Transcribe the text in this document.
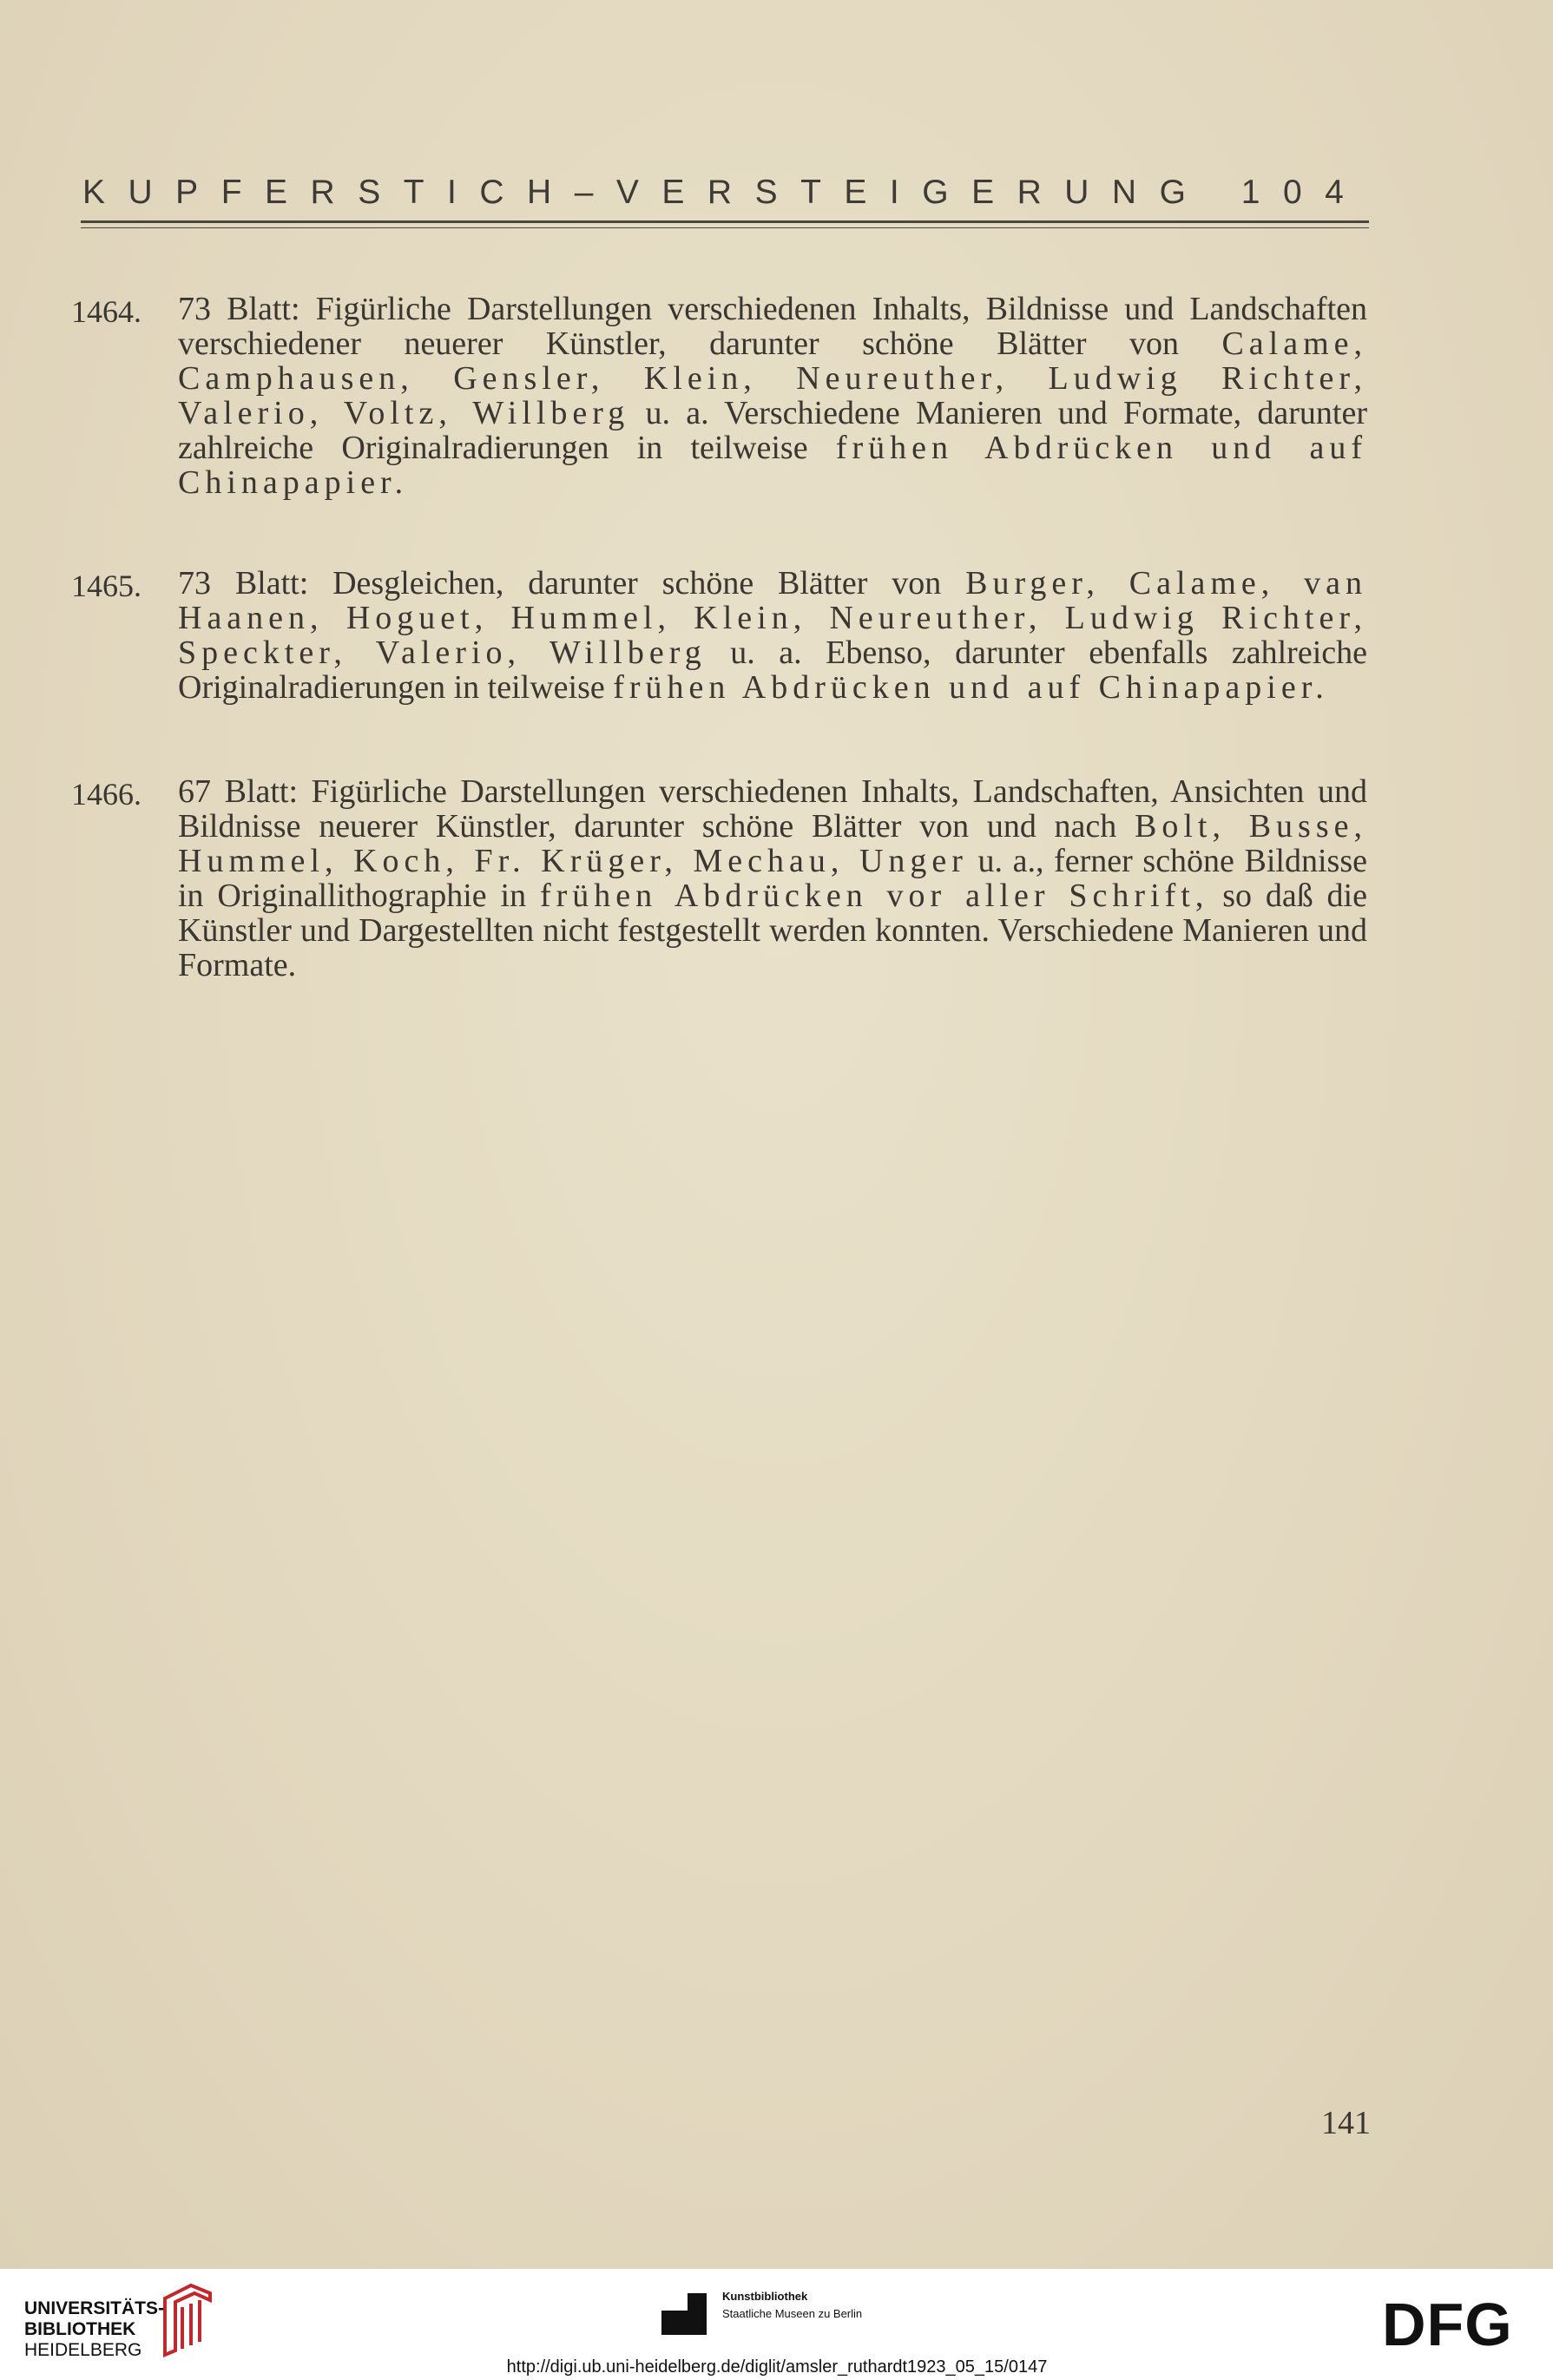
KUPFERSTICH–VERSTEIGERUNG 104
1464. 73 Blatt: Figürliche Darstellungen verschiedenen Inhalts, Bildnisse und Landschaften verschiedener neuerer Künstler, darunter schöne Blätter von Calame, Camphausen, Gensler, Klein, Neureuther, Ludwig Richter, Valerio, Voltz, Willberg u. a. Verschiedene Manieren und Formate, darunter zahlreiche Originalradierungen in teilweise frühen Abdrücken und auf Chinapapier.
1465. 73 Blatt: Desgleichen, darunter schöne Blätter von Burger, Calame, van Haanen, Hoguet, Hummel, Klein, Neureuther, Ludwig Richter, Speckter, Valerio, Willberg u. a. Ebenso, darunter ebenfalls zahlreiche Originalradierungen in teilweise frühen Abdrücken und auf Chinapapier.
1466. 67 Blatt: Figürliche Darstellungen verschiedenen Inhalts, Landschaften, Ansichten und Bildnisse neuerer Künstler, darunter schöne Blätter von und nach Bolt, Busse, Hummel, Koch, Fr. Krüger, Mechau, Unger u. a., ferner schöne Bildnisse in Originallithographie in frühen Abdrücken vor aller Schrift, so daß die Künstler und Dargestellten nicht festgestellt werden konnten. Verschiedene Manieren und Formate.
141
UNIVERSITÄTS-
BIBLIOTHEK
HEIDELBERG
Kunstbibliothek
Staatliche Museen zu Berlin	DFG
http://digi.ub.uni-heidelberg.de/diglit/amsler_ruthardt1923_05_15/0147
